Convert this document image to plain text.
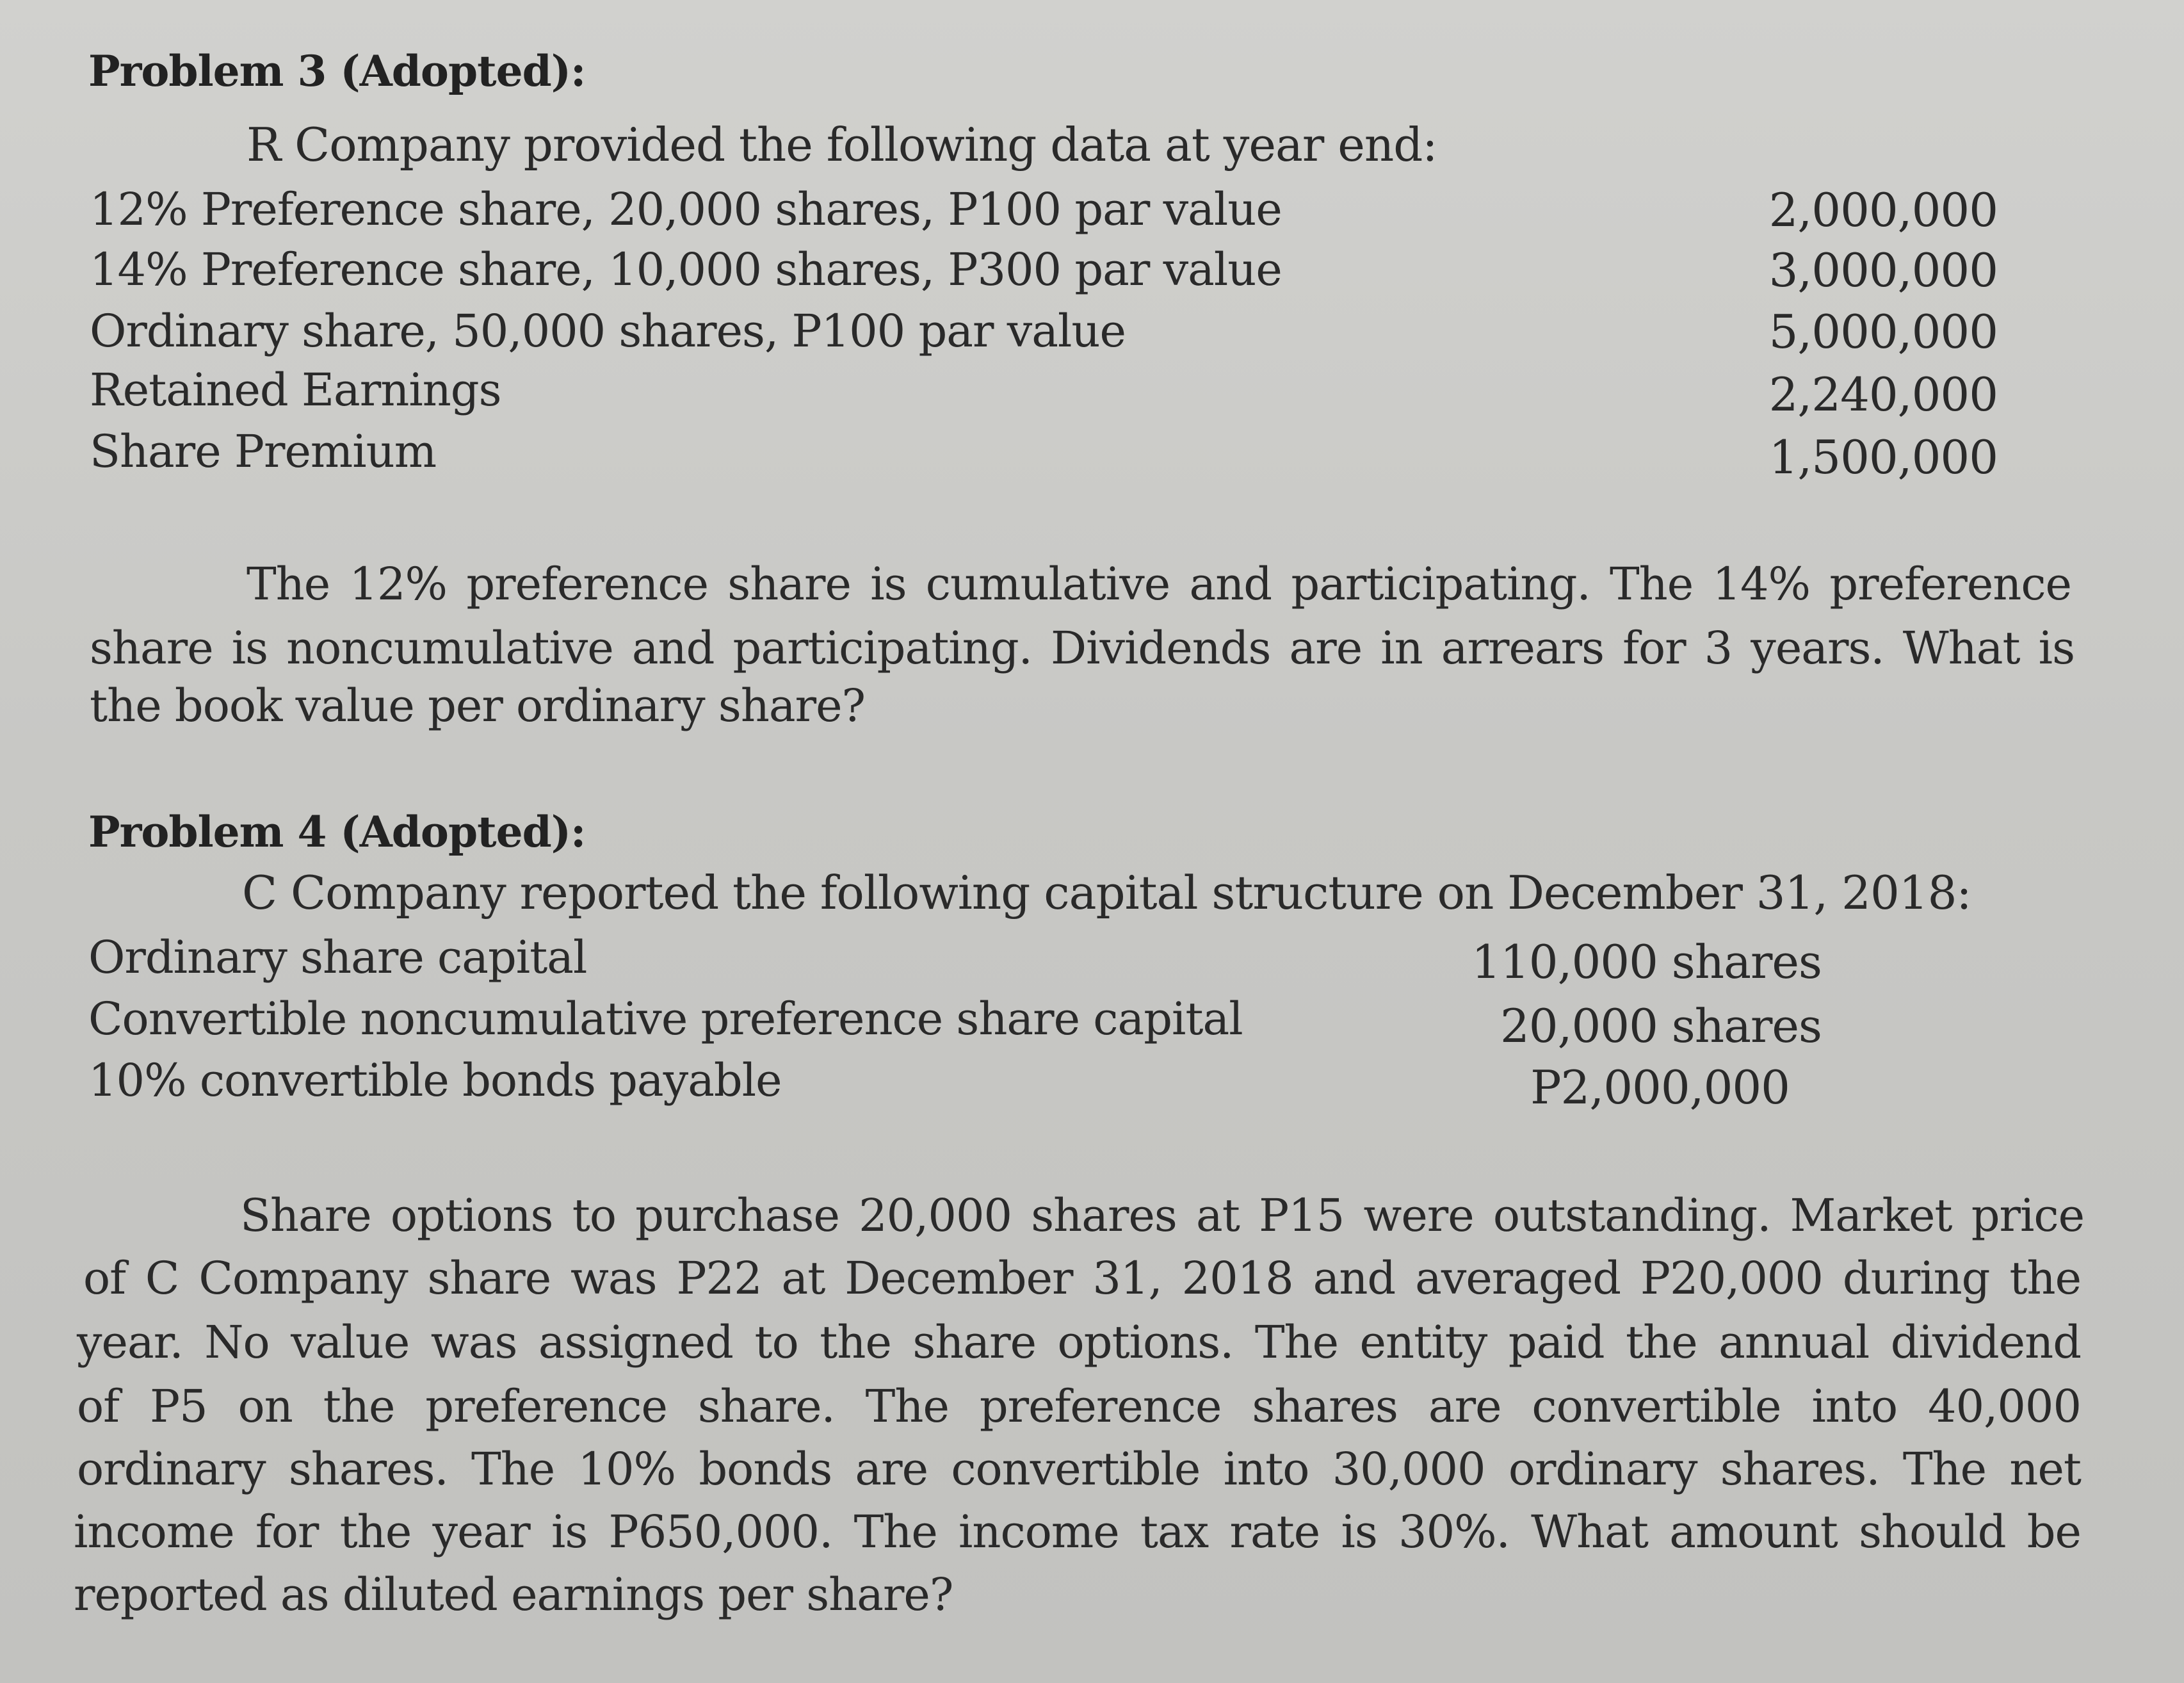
Problem 3 (Adopted):
R Company provided the following data at year end:
12% Preference share, 20,000 shares, P100 par value	2,000,000
14% Preference share, 10,000 shares, P300 par value	3,000,000
Ordinary share, 50,000 shares, P100 par value	5,000,000
Retained Earnings	2,240,000
Share Premium	1,500,000
The 12% preference share is cumulative and participating. The 14% preference
share is noncumulative and participating. Dividends are in arrears for 3 years. What is
the book value per ordinary share?
Problem 4 (Adopted):
C Company reported the following capital structure on December 31, 2018:
Ordinary share capital	110,000 shares
Convertible noncumulative preference share capital	20,000 shares
10% convertible bonds payable	P2,000,000
Share options to purchase 20,000 shares at P15 were outstanding. Market price
of C Company share was P22 at December 31, 2018 and averaged P20,000 during the
year. No value was assigned to the share options. The entity paid the annual dividend
of P5 on the preference share. The preference shares are convertible into 40,000
ordinary shares. The 10% bonds are convertible into 30,000 ordinary shares. The net
income for the year is P650,000. The income tax rate is 30%. What amount should be
reported as diluted earnings per share?
